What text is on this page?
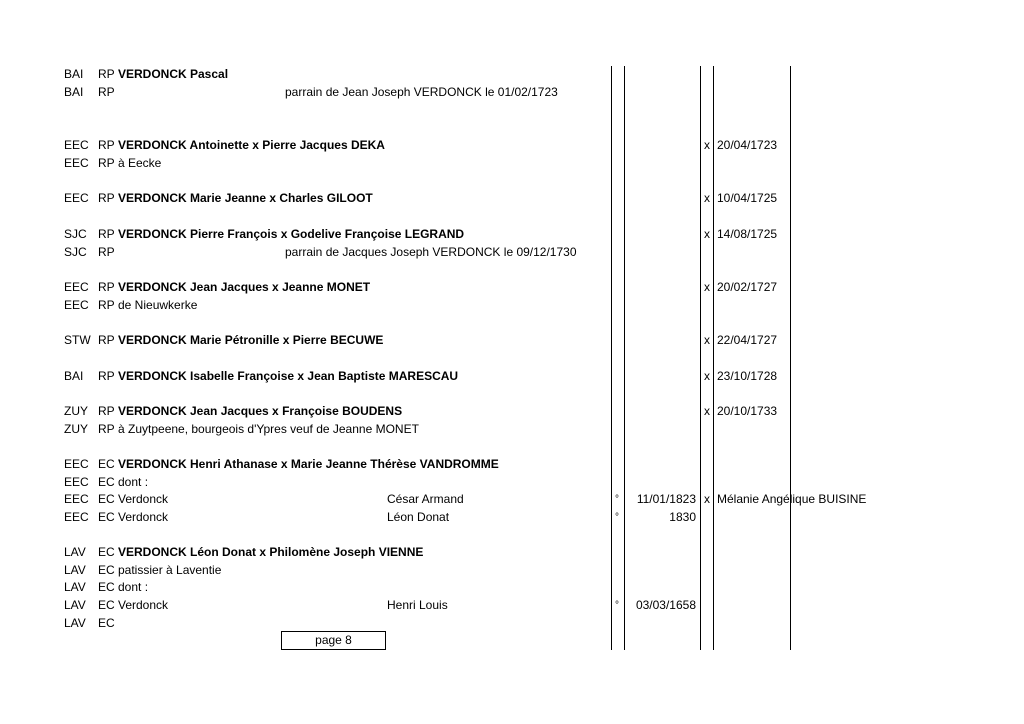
BAI RP VERDONCK Pascal
BAI RP	parrain de Jean Joseph VERDONCK le 01/02/1723
EEC RP VERDONCK Antoinette x Pierre Jacques DEKA	x 20/04/1723
EEC RP à Eecke
EEC RP VERDONCK Marie Jeanne x Charles GILOOT	x 10/04/1725
SJC RP VERDONCK Pierre François x Godelive Françoise LEGRAND	x 14/08/1725
SJC RP	parrain de Jacques Joseph VERDONCK le 09/12/1730
EEC RP VERDONCK Jean Jacques x Jeanne MONET	x 20/02/1727
EEC RP de Nieuwkerke
STW RP VERDONCK Marie Pétronille x Pierre BECUWE	x 22/04/1727
BAI RP VERDONCK Isabelle Françoise x Jean Baptiste MARESCAU	x 23/10/1728
ZUY RP VERDONCK Jean Jacques x Françoise BOUDENS	x 20/10/1733
ZUY RP à Zuytpeene, bourgeois d'Ypres veuf de Jeanne MONET
EEC EC VERDONCK Henri Athanase x Marie Jeanne Thérèse VANDROMME
EEC EC dont :
EEC EC Verdonck	César Armand	°	11/01/1823 x Mélanie Angélique BUISINE
EEC EC Verdonck	Léon Donat	°	1830
LAV EC VERDONCK Léon Donat x Philomène Joseph VIENNE
LAV EC patissier à Laventie
LAV EC dont :
LAV EC Verdonck	Henri Louis	°	03/03/1658
LAV EC
page 8
